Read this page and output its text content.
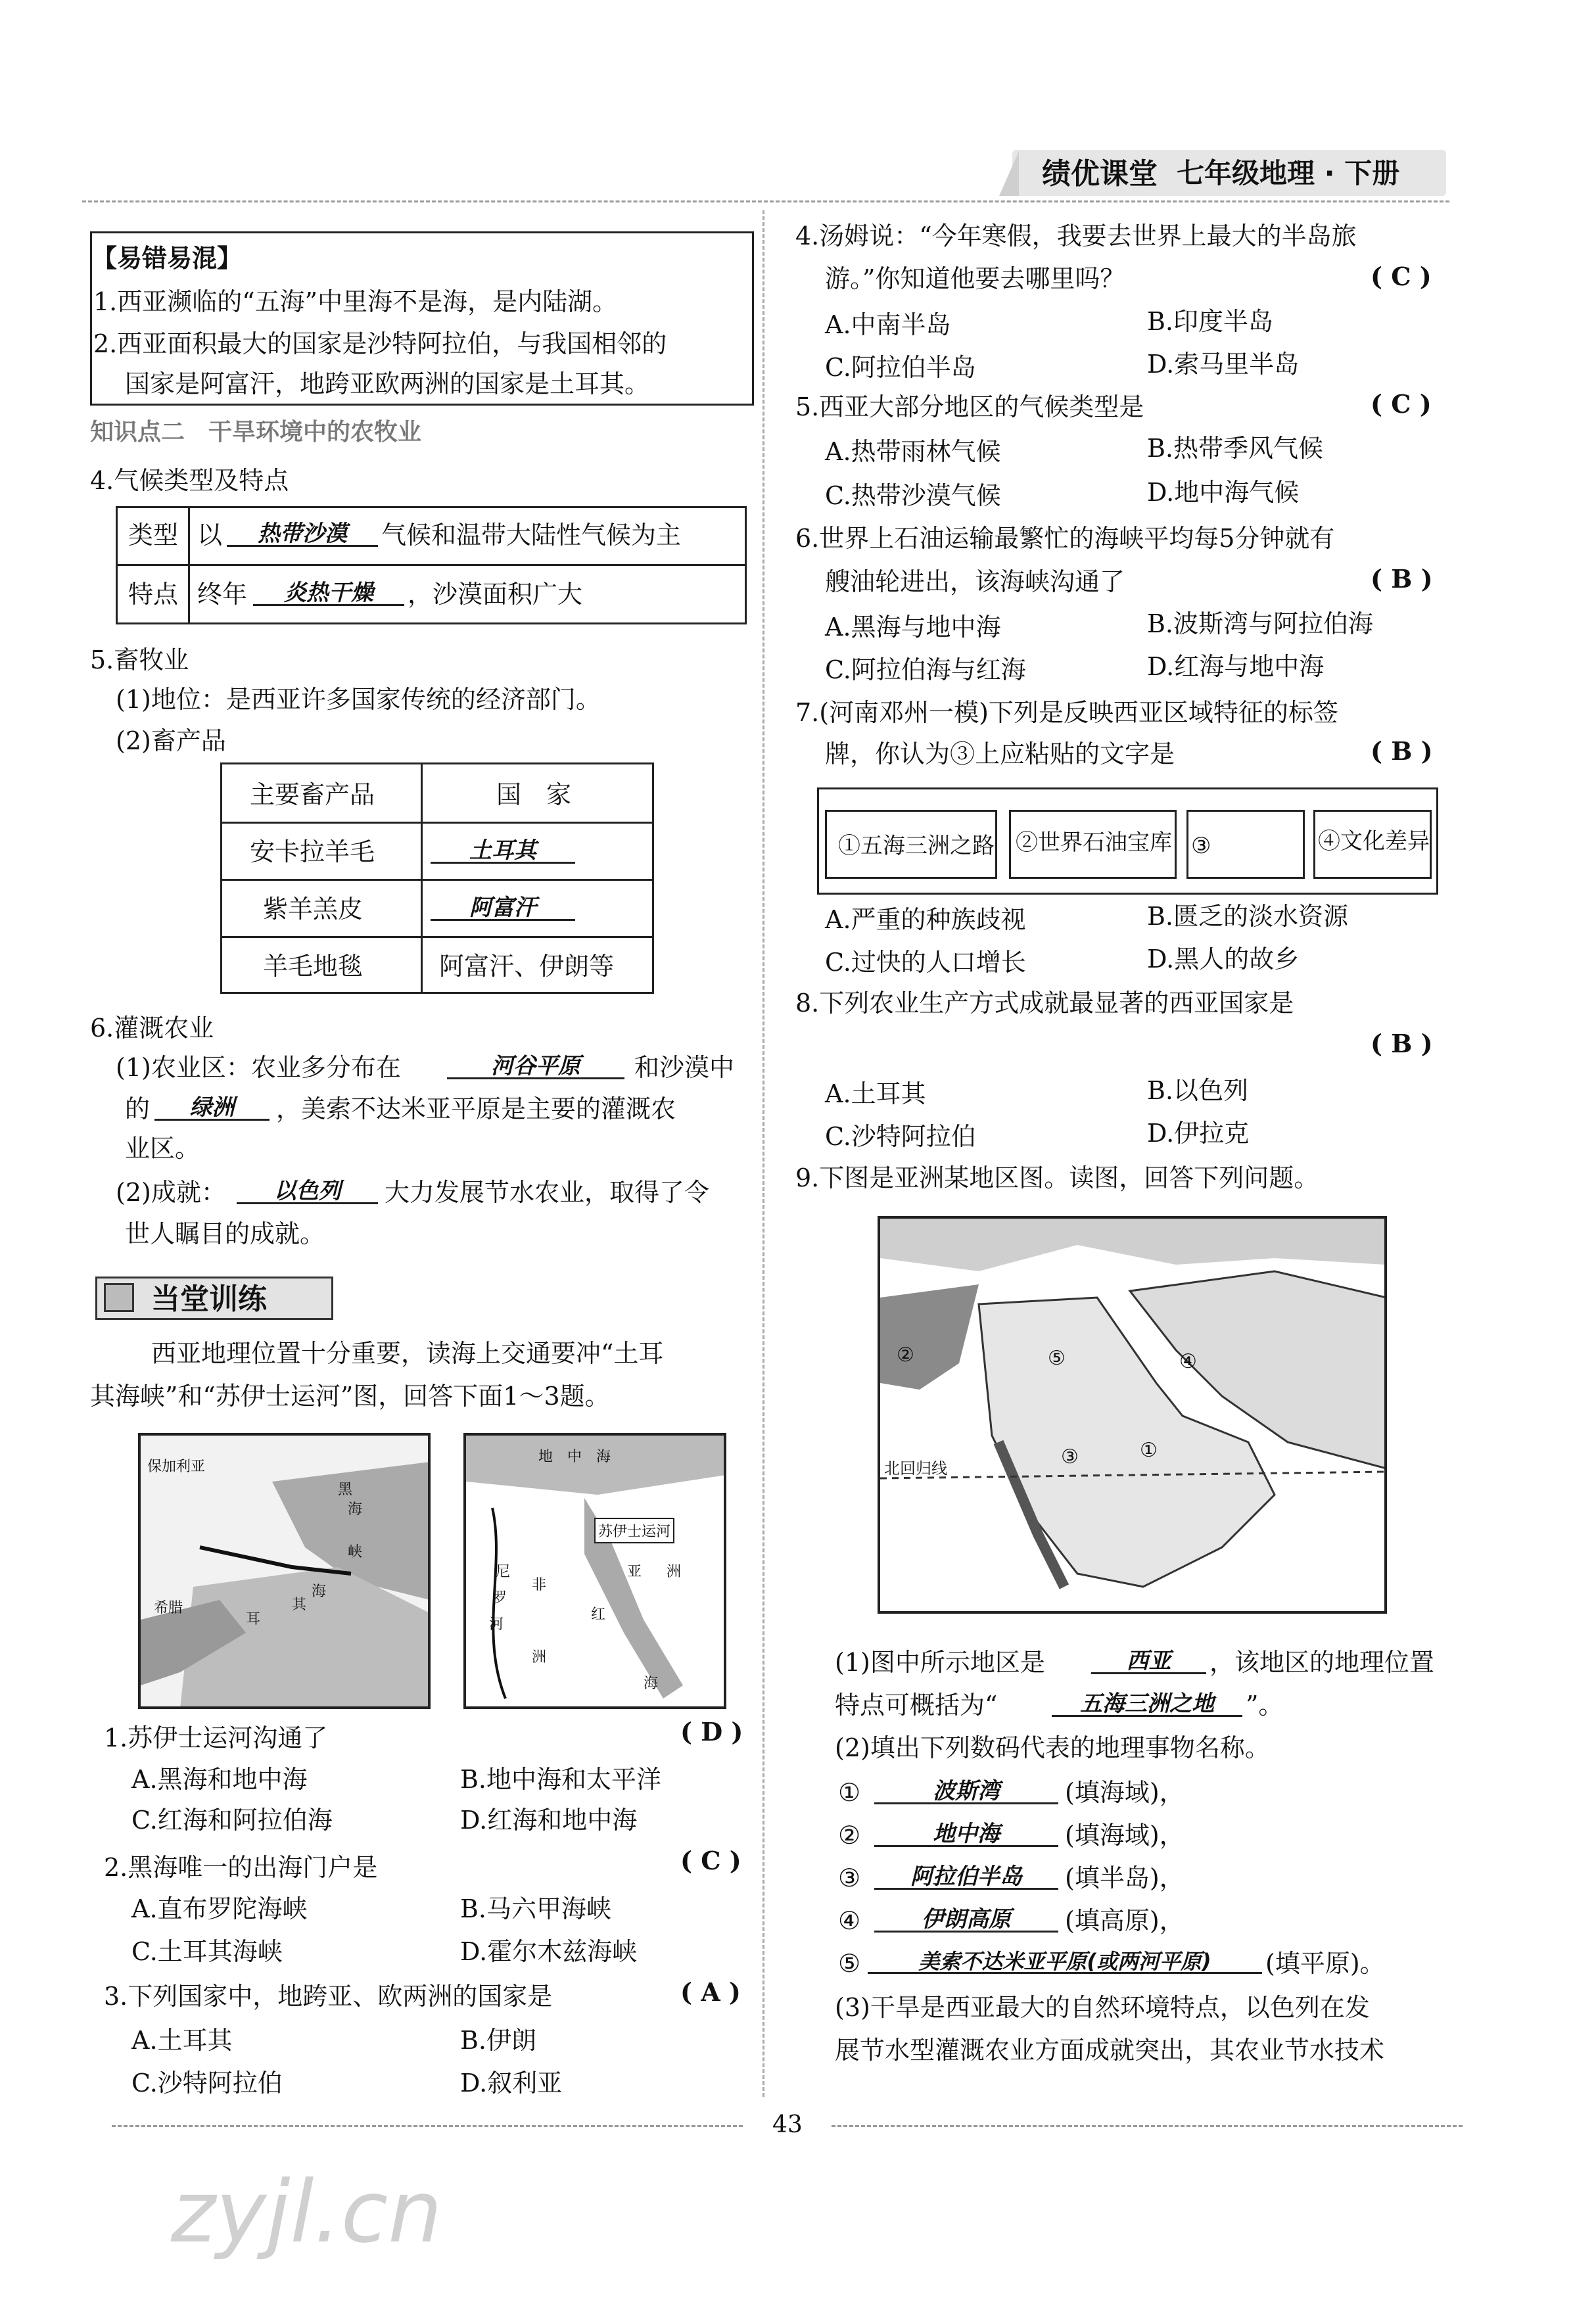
绩优课堂 七年级地理 · 下册
【易错易混】
1.西亚濒临的“五海”中里海不是海，是内陆湖。
2.西亚面积最大的国家是沙特阿拉伯，与我国相邻的
国家是阿富汗，地跨亚欧两洲的国家是土耳其。
知识点二　干旱环境中的农牧业
4.气候类型及特点
类型 以	热带沙漠	气候和温带大陆性气候为主
特点 终年	炎热干燥	，沙漠面积广大
5.畜牧业
(1)地位：是西亚许多国家传统的经济部门。
(2)畜产品
主要畜产品	国　家
安卡拉羊毛	土耳其
紫羊羔皮	阿富汗
羊毛地毯	阿富汗、伊朗等
6.灌溉农业
(1)农业区：农业多分布在	河谷平原	和沙漠中
的	绿洲	，美索不达米亚平原是主要的灌溉农
业区。
(2)成就：	以色列	大力发展节水农业，取得了令
世人瞩目的成就。
当堂训练
西亚地理位置十分重要，读海上交通要冲“土耳
其海峡”和“苏伊士运河”图，回答下面1～3题。
保加利亚
黑
海
峡
希腊	其
海
耳
地　中　海
苏伊士运河
尼
罗
河
非
洲
亚 洲
红
海
1.苏伊士运河沟通了	( D )
A.黑海和地中海	B.地中海和太平洋
C.红海和阿拉伯海	D.红海和地中海
2.黑海唯一的出海门户是	( C )
A.直布罗陀海峡	B.马六甲海峡
C.土耳其海峡	D.霍尔木兹海峡
3.下列国家中，地跨亚、欧两洲的国家是	( A )
A.土耳其	B.伊朗
C.沙特阿拉伯	D.叙利亚
4.汤姆说：“今年寒假，我要去世界上最大的半岛旅
游。”你知道他要去哪里吗？	( C )
A.中南半岛	B.印度半岛
C.阿拉伯半岛	D.索马里半岛
5.西亚大部分地区的气候类型是	( C )
A.热带雨林气候	B.热带季风气候
C.热带沙漠气候	D.地中海气候
6.世界上石油运输最繁忙的海峡平均每5分钟就有
艘油轮进出，该海峡沟通了	( B )
A.黑海与地中海	B.波斯湾与阿拉伯海
C.阿拉伯海与红海	D.红海与地中海
7.(河南邓州一模)下列是反映西亚区域特征的标签
牌，你认为③上应粘贴的文字是	( B )
①五海三洲之路 ②世界石油宝库 ③	④文化差异
A.严重的种族歧视	B.匮乏的淡水资源
C.过快的人口增长	D.黑人的故乡
8.下列农业生产方式成就最显著的西亚国家是
( B )
A.土耳其	B.以色列
C.沙特阿拉伯	D.伊拉克
9.下图是亚洲某地区图。读图，回答下列问题。
②	⑤	④
③	①
北回归线
(1)图中所示地区是	西亚	，该地区的地理位置
特点可概括为“	五海三洲之地	”。
(2)填出下列数码代表的地理事物名称。
①	波斯湾	(填海域)，
②	地中海	(填海域)，
③	阿拉伯半岛	(填半岛)，
④	伊朗高原	(填高原)，
⑤	美索不达米亚平原(或两河平原)	(填平原)。
(3)干旱是西亚最大的自然环境特点，以色列在发
展节水型灌溉农业方面成就突出，其农业节水技术
43
zyjl.cn
